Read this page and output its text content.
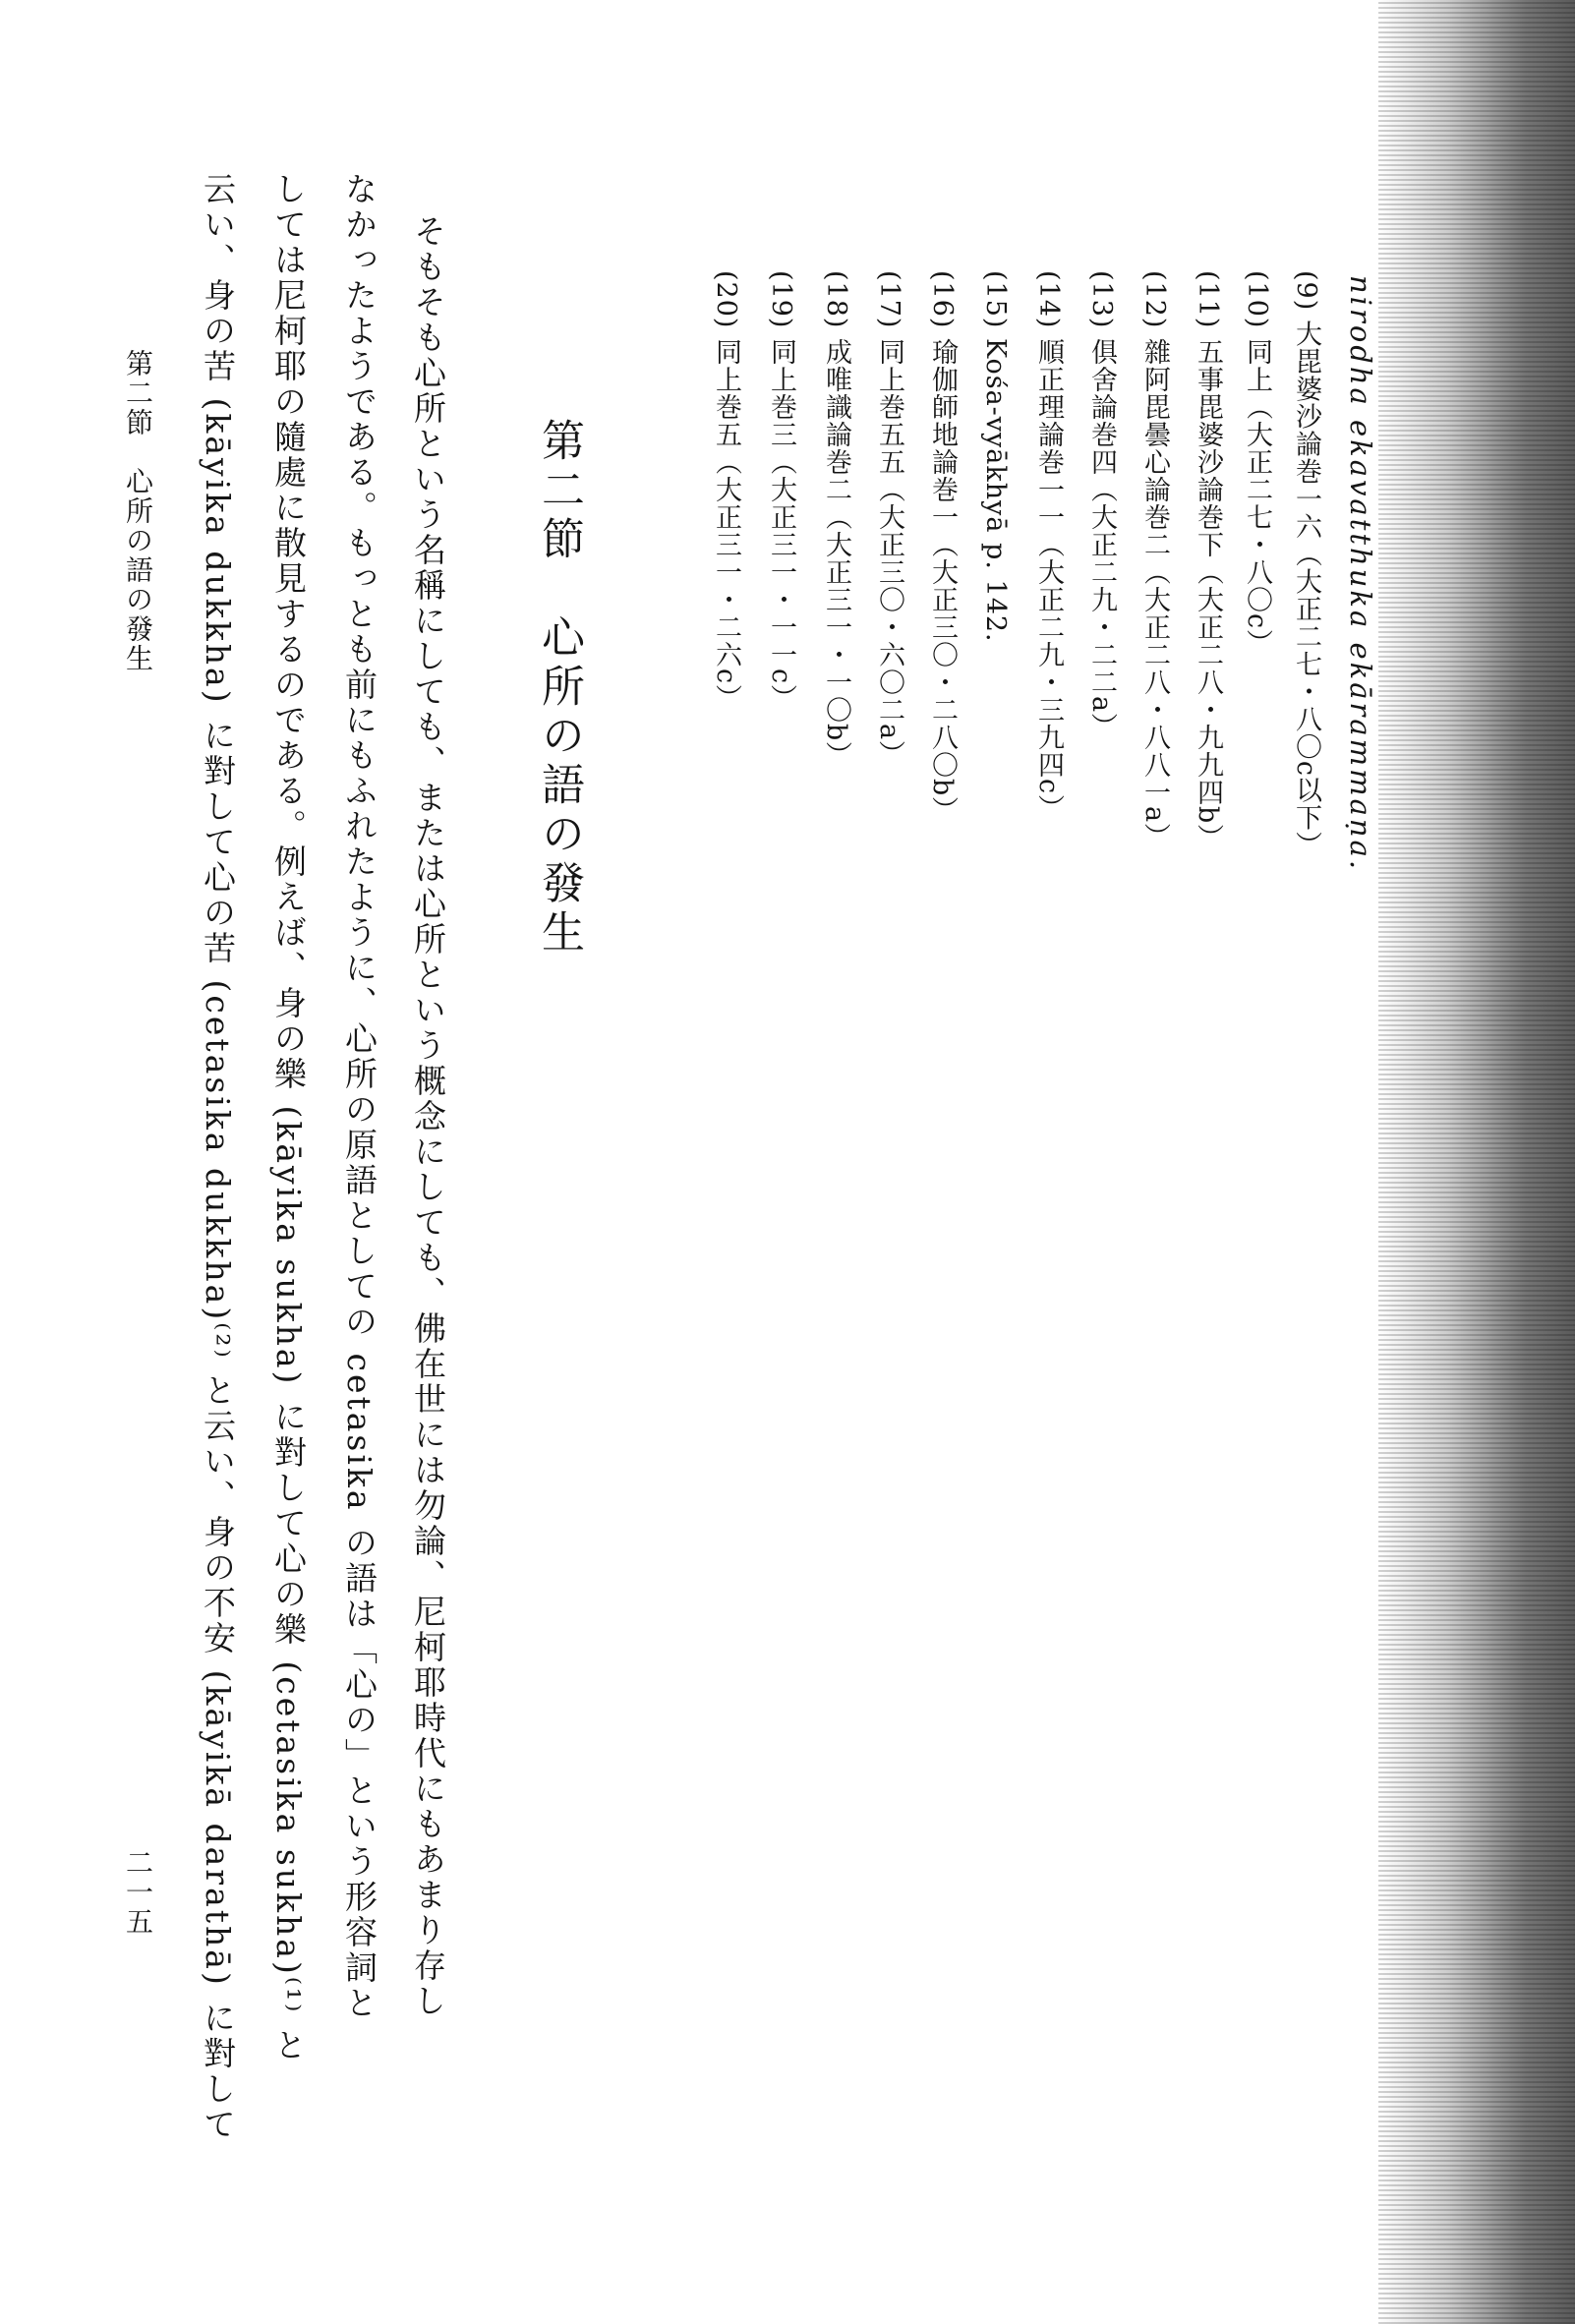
nirodha ekavatthuka ekārammaṇa.
(9) 大毘婆沙論巻一六（大正二七・八〇c以下）
(10) 同上（大正二七・八〇c）
(11) 五事毘婆沙論巻下（大正二八・九九四b）
(12) 雜阿毘曇心論巻二（大正二八・八八一a）
(13) 俱舍論巻四（大正二九・二二a）
(14) 順正理論巻一一（大正二九・三九四c）
(15) Kośa-vyākhyā p. 142.
(16) 瑜伽師地論巻一（大正三〇・二八〇b）
(17) 同上巻五五（大正三〇・六〇二a）
(18) 成唯識論巻二（大正三一・一〇b）
(19) 同上巻三（大正三一・一一c）
(20) 同上巻五（大正三一・二六c）
第二節　心所の語の發生
そもそも心所という名稱にしても、または心所という概念にしても、佛在世には勿論、尼柯耶時代にもあまり存し
なかったようである。もっとも前にもふれたように、心所の原語としての cetasika の語は「心の」という形容詞と
しては尼柯耶の隨處に散見するのである。例えば、身の樂 (kāyika sukha) に對して心の樂 (cetasika sukha)⁽¹⁾ と
云い、身の苦 (kāyika dukkha) に對して心の苦 (cetasika dukkha)⁽²⁾ と云い、身の不安 (kāyikā darathā) に對して
第二節　心所の語の發生
二一五
